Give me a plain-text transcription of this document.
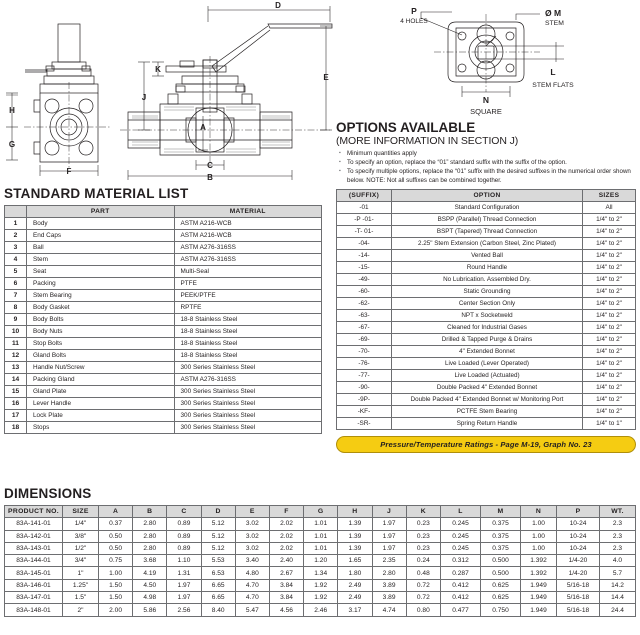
H
G
F
D
E
J
K
A
C
B
P
4 HOLES
Ø M
STEM
L
STEM FLATS
N
SQUARE
STANDARD MATERIAL LIST
	PART	MATERIAL
1	Body	ASTM A216-WCB
2	End Caps	ASTM A216-WCB
3	Ball	ASTM A276-316SS
4	Stem	ASTM A276-316SS
5	Seat	Multi-Seal
6	Packing	PTFE
7	Stem Bearing	PEEK/PTFE
8	Body Gasket	RPTFE
9	Body Bolts	18-8 Stainless Steel
10	Body Nuts	18-8 Stainless Steel
11	Stop Bolts	18-8 Stainless Steel
12	Gland Bolts	18-8 Stainless Steel
13	Handle Nut/Screw	300 Series Stainless Steel
14	Packing Gland	ASTM A276-316SS
15	Gland Plate	300 Series Stainless Steel
16	Lever Handle	300 Series Stainless Steel
17	Lock Plate	300 Series Stainless Steel
18	Stops	300 Series Stainless Steel
OPTIONS AVAILABLE
(MORE INFORMATION IN SECTION J)
▪ Minimum quantities apply
▪ To specify an option, replace the “01” standard suffix with the suffix of the option.
▪ To specify multiple options, replace the “01” suffix with the desired suffixes in the numerical order shown below. NOTE: Not all suffixes can be combined together.
(SUFFIX)	OPTION	SIZES
-01	Standard Configuration	All
-P -01-	BSPP (Parallel) Thread Connection	1/4" to 2"
-T- 01-	BSPT (Tapered) Thread Connection	1/4" to 2"
-04-	2.25" Stem Extension (Carbon Steel, Zinc Plated)	1/4" to 2"
-14-	Vented Ball	1/4" to 2"
-15-	Round Handle	1/4" to 2"
-49-	No Lubrication. Assembled Dry.	1/4" to 2"
-60-	Static Grounding	1/4" to 2"
-62-	Center Section Only	1/4" to 2"
-63-	NPT x Socketweld	1/4" to 2"
-67-	Cleaned for Industrial Gases	1/4" to 2"
-69-	Drilled & Tapped Purge & Drains	1/4" to 2"
-70-	4" Extended Bonnet	1/4" to 2"
-76-	Live Loaded (Lever Operated)	1/4" to 2"
-77-	Live Loaded (Actuated)	1/4" to 2"
-90-	Double Packed 4" Extended Bonnet	1/4" to 2"
-9P-	Double Packed 4" Extended Bonnet w/ Monitoring Port	1/4" to 2"
-KF-	PCTFE Stem Bearing	1/4" to 2"
-SR-	Spring Return Handle	1/4" to 1"
Pressure/Temperature Ratings - Page M-19, Graph No. 23
DIMENSIONS
PRODUCT NO.	SIZE	A	B	C	D	E	F	G	H	J	K	L	M	N	P	WT.
83A-141-01	1/4"	0.37	2.80	0.89	5.12	3.02	2.02	1.01	1.39	1.97	0.23	0.245	0.375	1.00	10-24	2.3
83A-142-01	3/8"	0.50	2.80	0.89	5.12	3.02	2.02	1.01	1.39	1.97	0.23	0.245	0.375	1.00	10-24	2.3
83A-143-01	1/2"	0.50	2.80	0.89	5.12	3.02	2.02	1.01	1.39	1.97	0.23	0.245	0.375	1.00	10-24	2.3
83A-144-01	3/4"	0.75	3.68	1.10	5.53	3.40	2.40	1.20	1.65	2.35	0.24	0.312	0.500	1.392	1/4-20	4.0
83A-145-01	1"	1.00	4.19	1.31	6.53	4.80	2.67	1.34	1.80	2.80	0.48	0.287	0.500	1.392	1/4-20	5.7
83A-146-01	1.25"	1.50	4.50	1.97	6.65	4.70	3.84	1.92	2.49	3.89	0.72	0.412	0.625	1.949	5/16-18	14.2
83A-147-01	1.5"	1.50	4.98	1.97	6.65	4.70	3.84	1.92	2.49	3.89	0.72	0.412	0.625	1.949	5/16-18	14.4
83A-148-01	2"	2.00	5.86	2.56	8.40	5.47	4.56	2.46	3.17	4.74	0.80	0.477	0.750	1.949	5/16-18	24.4
